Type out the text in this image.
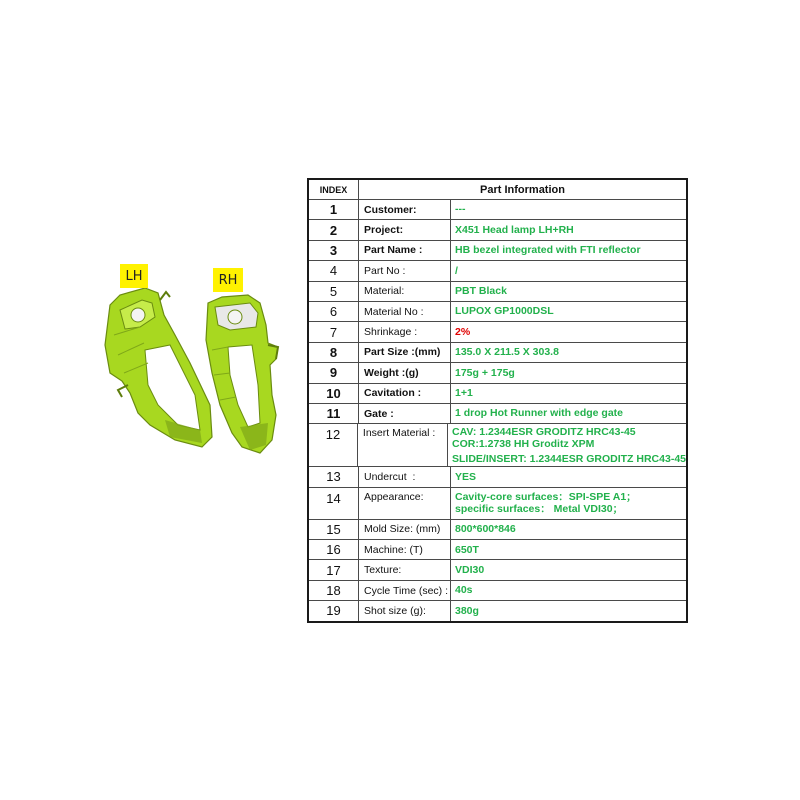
LH	RH
INDEX	Part Information
1	Customer:	---
2	Project:	X451 Head lamp LH+RH
3	Part Name :	HB bezel integrated with FTI reflector
4	Part No :	/
5	Material:	PBT Black
6	Material No :	LUPOX GP1000DSL
7	Shrinkage :	2%
8	Part Size :(mm)	135.0 X 211.5 X 303.8
9	Weight :(g)	175g + 175g
10	Cavitation :	1+1
11	Gate :	1 drop Hot Runner with edge gate
12	Insert Material :	CAV: 1.2344ESR GRODITZ HRC43-45
COR:1.2738 HH Groditz XPM
SLIDE/INSERT: 1.2344ESR GRODITZ HRC43-45
13	Undercut  :	YES
14	Appearance:	Cavity-core surfaces：SPI-SPE A1；
specific surfaces： Metal VDI30；
15	Mold Size: (mm)	800*600*846
16	Machine: (T)	650T
17	Texture:	VDI30
18	Cycle Time (sec) : 40s
19	Shot size (g):	380g
